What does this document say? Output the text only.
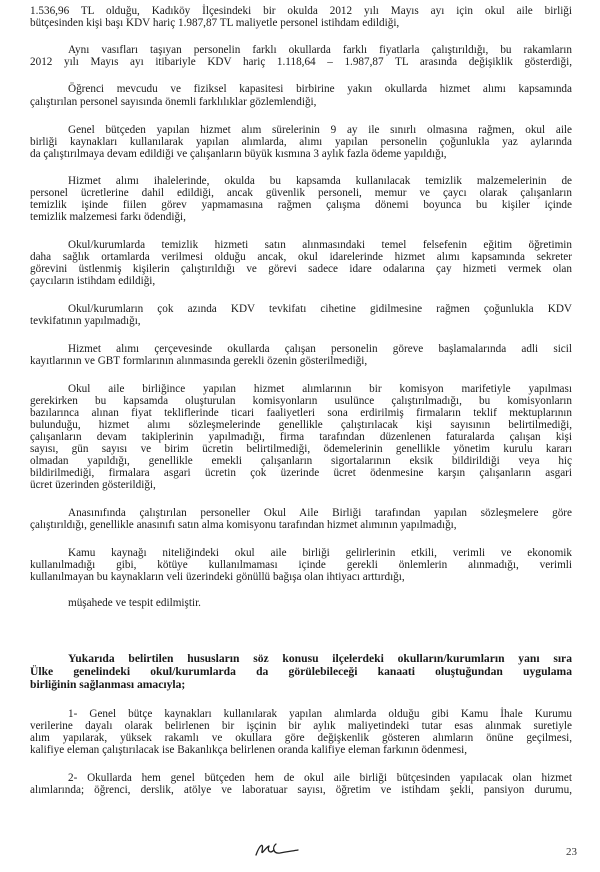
1.536,96 TL olduğu, Kadıköy İlçesindeki bir okulda 2012 yılı Mayıs ayı için okul aile birliği
bütçesinden kişi başı KDV hariç 1.987,87 TL maliyetle personel istihdam edildiği,
Aynı vasıfları taşıyan personelin farklı okullarda farklı fiyatlarla çalıştırıldığı, bu rakamların
2012 yılı Mayıs ayı itibariyle KDV hariç 1.118,64 – 1.987,87 TL arasında değişiklik gösterdiği,
Öğrenci mevcudu ve fiziksel kapasitesi birbirine yakın okullarda hizmet alımı kapsamında
çalıştırılan personel sayısında önemli farklılıklar gözlemlendiği,
Genel bütçeden yapılan hizmet alım sürelerinin 9 ay ile sınırlı olmasına rağmen, okul aile
birliği kaynakları kullanılarak yapılan alımlarda, alımı yapılan personelin çoğunlukla yaz aylarında
da çalıştırılmaya devam edildiği ve çalışanların büyük kısmına 3 aylık fazla ödeme yapıldığı,
Hizmet alımı ihalelerinde, okulda bu kapsamda kullanılacak temizlik malzemelerinin de
personel ücretlerine dahil edildiği, ancak güvenlik personeli, memur ve çaycı olarak çalışanların
temizlik işinde fiilen görev yapmamasına rağmen çalışma dönemi boyunca bu kişiler içinde
temizlik malzemesi farkı ödendiği,
Okul/kurumlarda temizlik hizmeti satın alınmasındaki temel felsefenin eğitim öğretimin
daha sağlık ortamlarda verilmesi olduğu ancak, okul idarelerinde hizmet alımı kapsamında sekreter
görevini üstlenmiş kişilerin çalıştırıldığı ve görevi sadece idare odalarına çay hizmeti vermek olan
çaycıların istihdam edildiği,
Okul/kurumların çok azında KDV tevkifatı cihetine gidilmesine rağmen çoğunlukla KDV
tevkifatının yapılmadığı,
Hizmet alımı çerçevesinde okullarda çalışan personelin göreve başlamalarında adli sicil
kayıtlarının ve GBT formlarının alınmasında gerekli özenin gösterilmediği,
Okul aile birliğince yapılan hizmet alımlarının bir komisyon marifetiyle yapılması
gerekirken bu kapsamda oluşturulan komisyonların usulünce çalıştırılmadığı, bu komisyonların
bazılarınca alınan fiyat tekliflerinde ticari faaliyetleri sona erdirilmiş firmaların teklif mektuplarının
bulunduğu, hizmet alımı sözleşmelerinde genellikle çalıştırılacak kişi sayısının belirtilmediği,
çalışanların devam takiplerinin yapılmadığı, firma tarafından düzenlenen faturalarda çalışan kişi
sayısı, gün sayısı ve birim ücretin belirtilmediği, ödemelerinin genellikle yönetim kurulu kararı
olmadan yapıldığı, genellikle emekli çalışanların sigortalarının eksik bildirildiği veya hiç
bildirilmediği, firmalara asgari ücretin çok üzerinde ücret ödenmesine karşın çalışanların asgari
ücret üzerinden gösterildiği,
Anasınıfında çalıştırılan personeller Okul Aile Birliği tarafından yapılan sözleşmelere göre
çalıştırıldığı, genellikle anasınıfı satın alma komisyonu tarafından hizmet alımının yapılmadığı,
Kamu kaynağı niteliğindeki okul aile birliği gelirlerinin etkili, verimli ve ekonomik
kullanılmadığı gibi, kötüye kullanılmaması içinde gerekli önlemlerin alınmadığı, verimli
kullanılmayan bu kaynakların veli üzerindeki gönüllü bağışa olan ihtiyacı arttırdığı,
müşahede ve tespit edilmiştir.
Yukarıda belirtilen hususların söz konusu ilçelerdeki okulların/kurumların yanı sıra
Ülke genelindeki okul/kurumlarda da görülebileceği kanaati oluştuğundan uygulama
birliğinin sağlanması amacıyla;
1- Genel bütçe kaynakları kullanılarak yapılan alımlarda olduğu gibi Kamu İhale Kurumu
verilerine dayalı olarak belirlenen bir işçinin bir aylık maliyetindeki tutar esas alınmak suretiyle
alım yapılarak, yüksek rakamlı ve okullara göre değişkenlik gösteren alımların önüne geçilmesi,
kalifiye eleman çalıştırılacak ise Bakanlıkça belirlenen oranda kalifiye eleman farkının ödenmesi,
2- Okullarda hem genel bütçeden hem de okul aile birliği bütçesinden yapılacak olan hizmet
alımlarında; öğrenci, derslik, atölye ve laboratuar sayısı, öğretim ve istihdam şekli, pansiyon durumu,
23
